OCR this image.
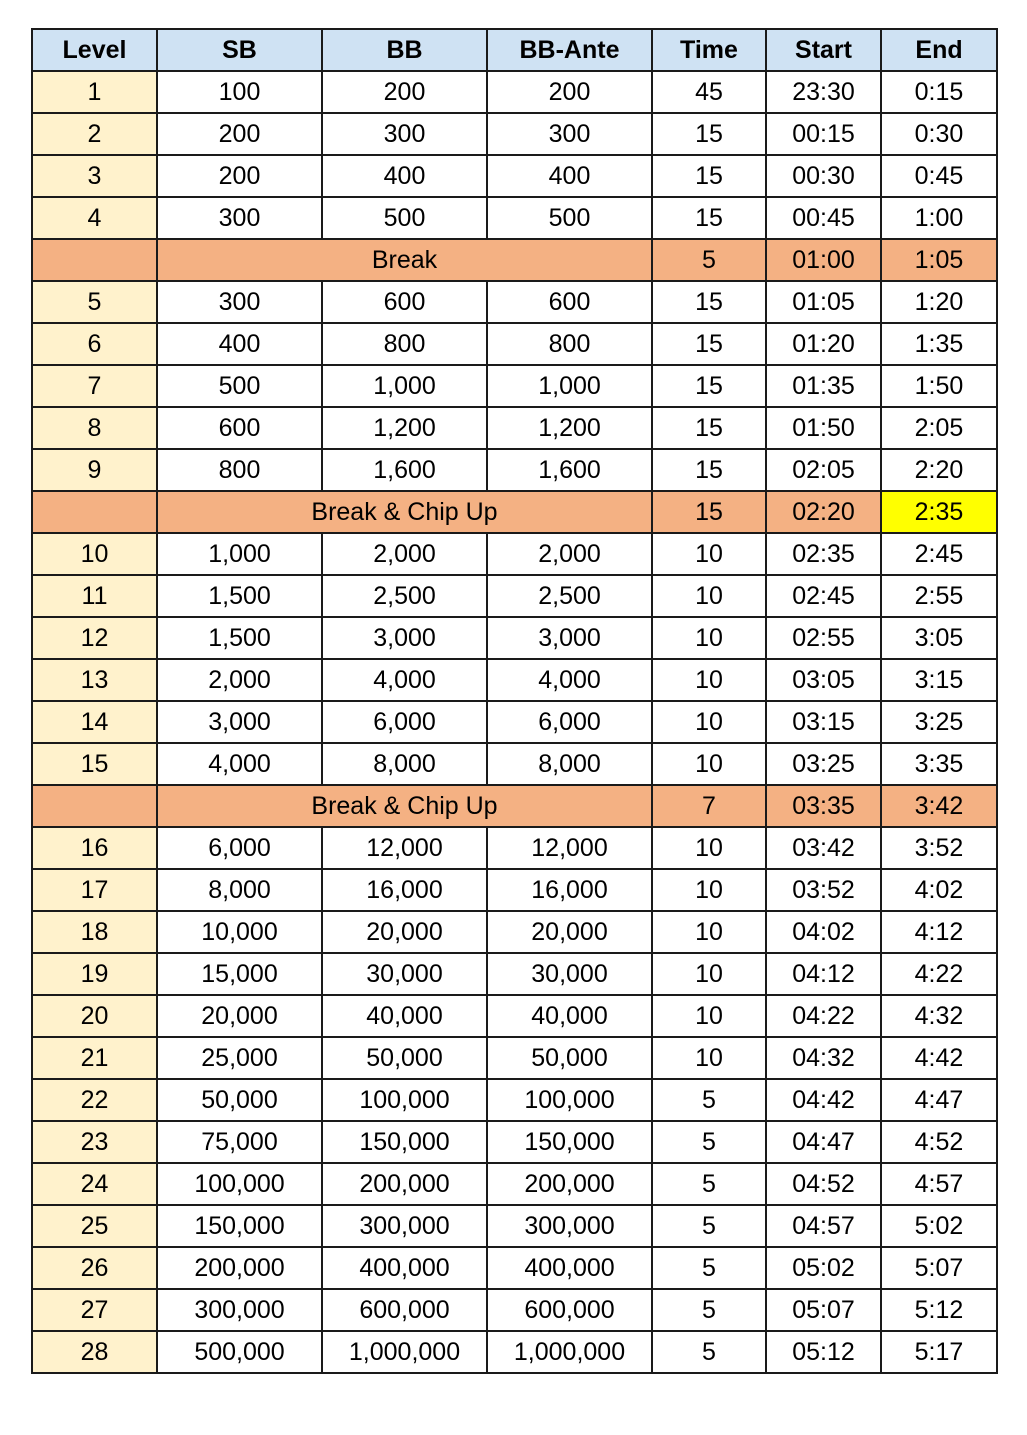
Level	SB	BB	BB-Ante	Time	Start	End
1	100	200	200	45	23:30	0:15
2	200	300	300	15	00:15	0:30
3	200	400	400	15	00:30	0:45
4	300	500	500	15	00:45	1:00
	Break			5	01:00	1:05
5	300	600	600	15	01:05	1:20
6	400	800	800	15	01:20	1:35
7	500	1,000	1,000	15	01:35	1:50
8	600	1,200	1,200	15	01:50	2:05
9	800	1,600	1,600	15	02:05	2:20
	Break & Chip Up			15	02:20	2:35
10	1,000	2,000	2,000	10	02:35	2:45
11	1,500	2,500	2,500	10	02:45	2:55
12	1,500	3,000	3,000	10	02:55	3:05
13	2,000	4,000	4,000	10	03:05	3:15
14	3,000	6,000	6,000	10	03:15	3:25
15	4,000	8,000	8,000	10	03:25	3:35
	Break & Chip Up			7	03:35	3:42
16	6,000	12,000	12,000	10	03:42	3:52
17	8,000	16,000	16,000	10	03:52	4:02
18	10,000	20,000	20,000	10	04:02	4:12
19	15,000	30,000	30,000	10	04:12	4:22
20	20,000	40,000	40,000	10	04:22	4:32
21	25,000	50,000	50,000	10	04:32	4:42
22	50,000	100,000	100,000	5	04:42	4:47
23	75,000	150,000	150,000	5	04:47	4:52
24	100,000	200,000	200,000	5	04:52	4:57
25	150,000	300,000	300,000	5	04:57	5:02
26	200,000	400,000	400,000	5	05:02	5:07
27	300,000	600,000	600,000	5	05:07	5:12
28	500,000	1,000,000	1,000,000	5	05:12	5:17
